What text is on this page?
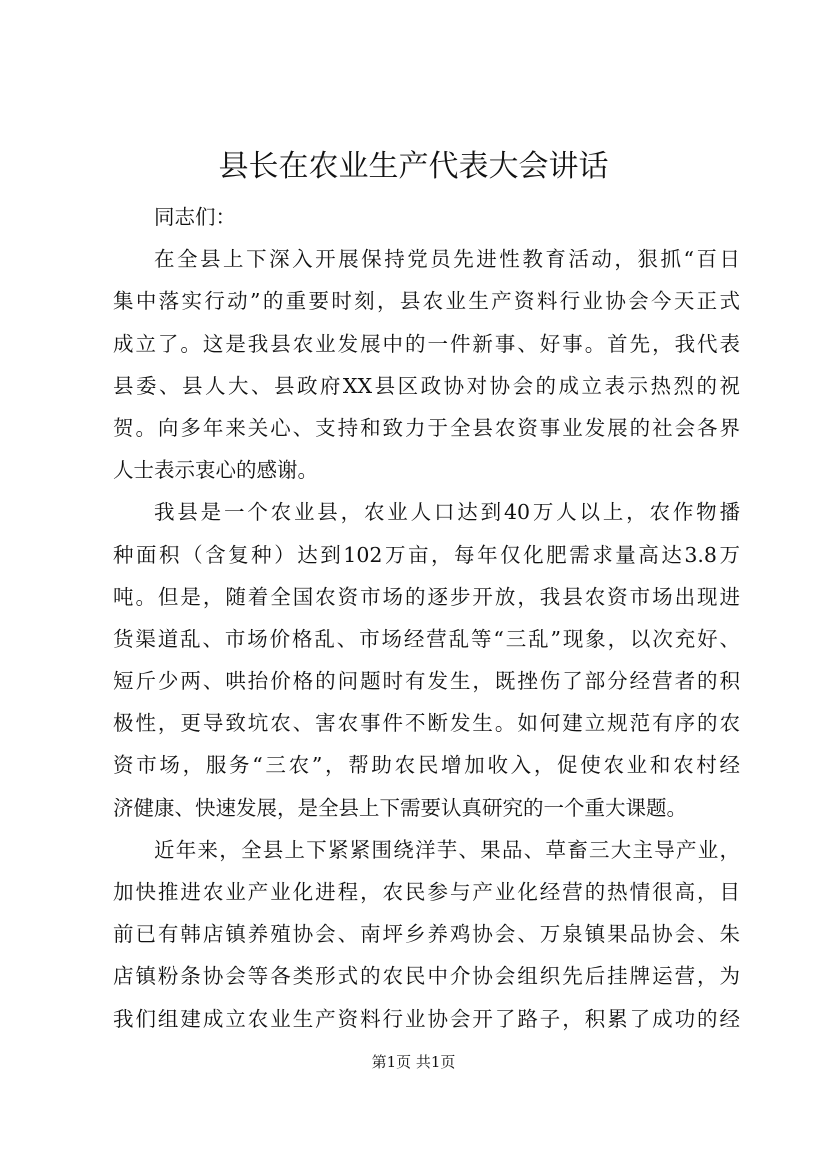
县长在农业生产代表大会讲话
同志们：
在全县上下深入开展保持党员先进性教育活动，狠抓“百日
集中落实行动”的重要时刻，县农业生产资料行业协会今天正式
成立了。这是我县农业发展中的一件新事、好事。首先，我代表
县委、县人大、县政府XX县区政协对协会的成立表示热烈的祝
贺。向多年来关心、支持和致力于全县农资事业发展的社会各界
人士表示衷心的感谢。
我县是一个农业县，农业人口达到40万人以上，农作物播
种面积（含复种）达到102万亩，每年仅化肥需求量高达3.8万
吨。但是，随着全国农资市场的逐步开放，我县农资市场出现进
货渠道乱、市场价格乱、市场经营乱等“三乱”现象，以次充好、
短斤少两、哄抬价格的问题时有发生，既挫伤了部分经营者的积
极性，更导致坑农、害农事件不断发生。如何建立规范有序的农
资市场，服务“三农”，帮助农民增加收入，促使农业和农村经
济健康、快速发展，是全县上下需要认真研究的一个重大课题。
近年来，全县上下紧紧围绕洋芋、果品、草畜三大主导产业，
加快推进农业产业化进程，农民参与产业化经营的热情很高，目
前已有韩店镇养殖协会、南坪乡养鸡协会、万泉镇果品协会、朱
店镇粉条协会等各类形式的农民中介协会组织先后挂牌运营，为
我们组建成立农业生产资料行业协会开了路子，积累了成功的经
第1页 共1页
